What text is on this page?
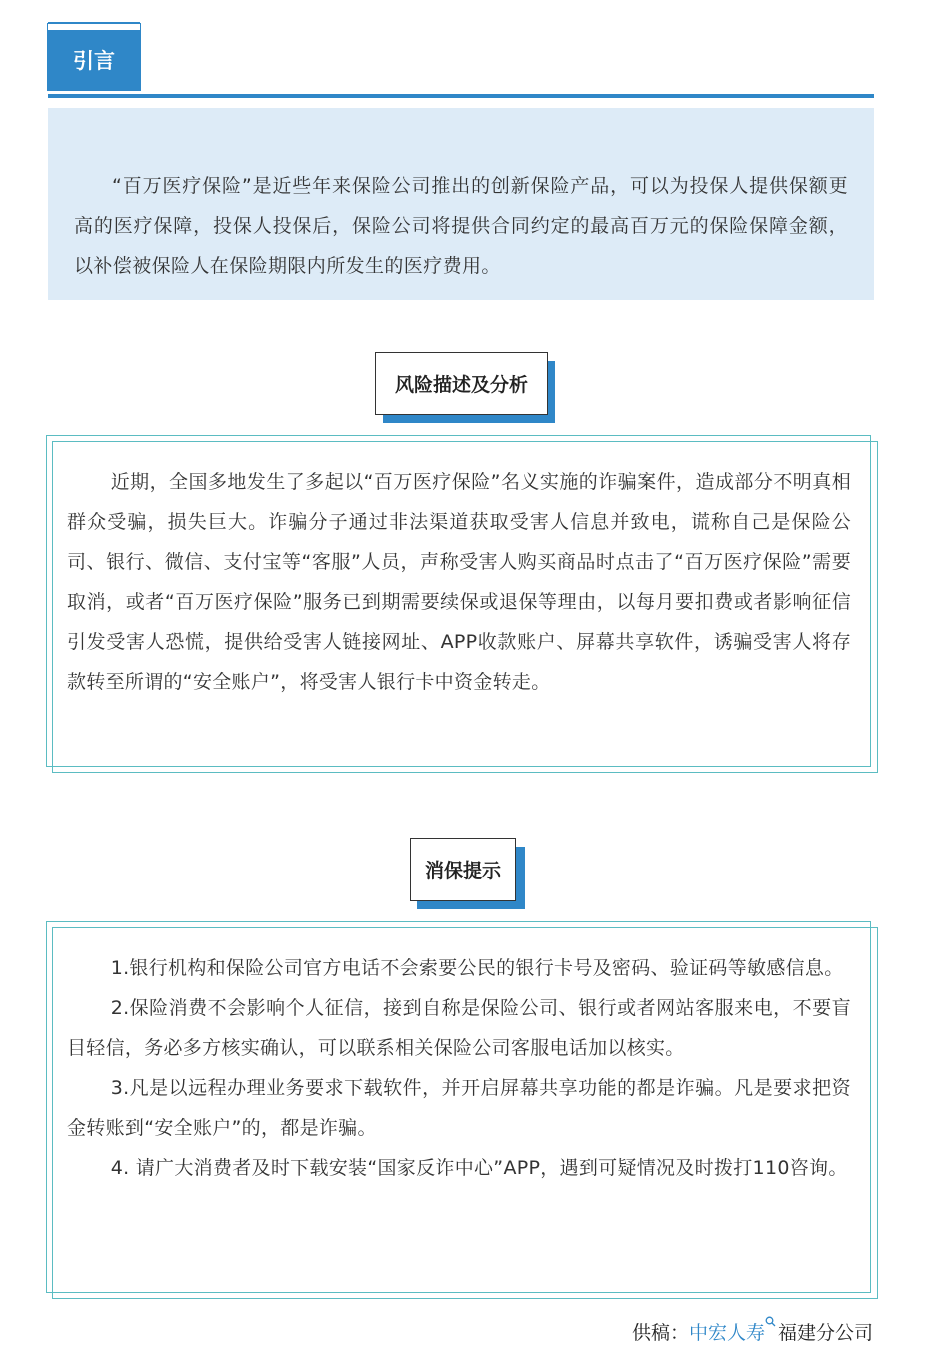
引言

“百万医疗保险”是近些年来保险公司推出的创新保险产品，可以为投保人提供保额更高的医疗保障，投保人投保后，保险公司将提供合同约定的最高百万元的保险保障金额，以补偿被保险人在保险期限内所发生的医疗费用。

风险描述及分析

近期，全国多地发生了多起以“百万医疗保险”名义实施的诈骗案件，造成部分不明真相群众受骗，损失巨大。诈骗分子通过非法渠道获取受害人信息并致电，谎称自己是保险公司、银行、微信、支付宝等“客服”人员，声称受害人购买商品时点击了“百万医疗保险”需要取消，或者“百万医疗保险”服务已到期需要续保或退保等理由，以每月要扣费或者影响征信引发受害人恐慌，提供给受害人链接网址、APP收款账户、屏幕共享软件，诱骗受害人将存款转至所谓的“安全账户”，将受害人银行卡中资金转走。

消保提示

1.银行机构和保险公司官方电话不会索要公民的银行卡号及密码、验证码等敏感信息。

2.保险消费不会影响个人征信，接到自称是保险公司、银行或者网站客服来电，不要盲目轻信，务必多方核实确认，可以联系相关保险公司客服电话加以核实。

3.凡是以远程办理业务要求下载软件，并开启屏幕共享功能的都是诈骗。凡是要求把资金转账到“安全账户”的，都是诈骗。

4. 请广大消费者及时下载安装“国家反诈中心”APP，遇到可疑情况及时拨打110咨询。

供稿： 中宏人寿 福建分公司
